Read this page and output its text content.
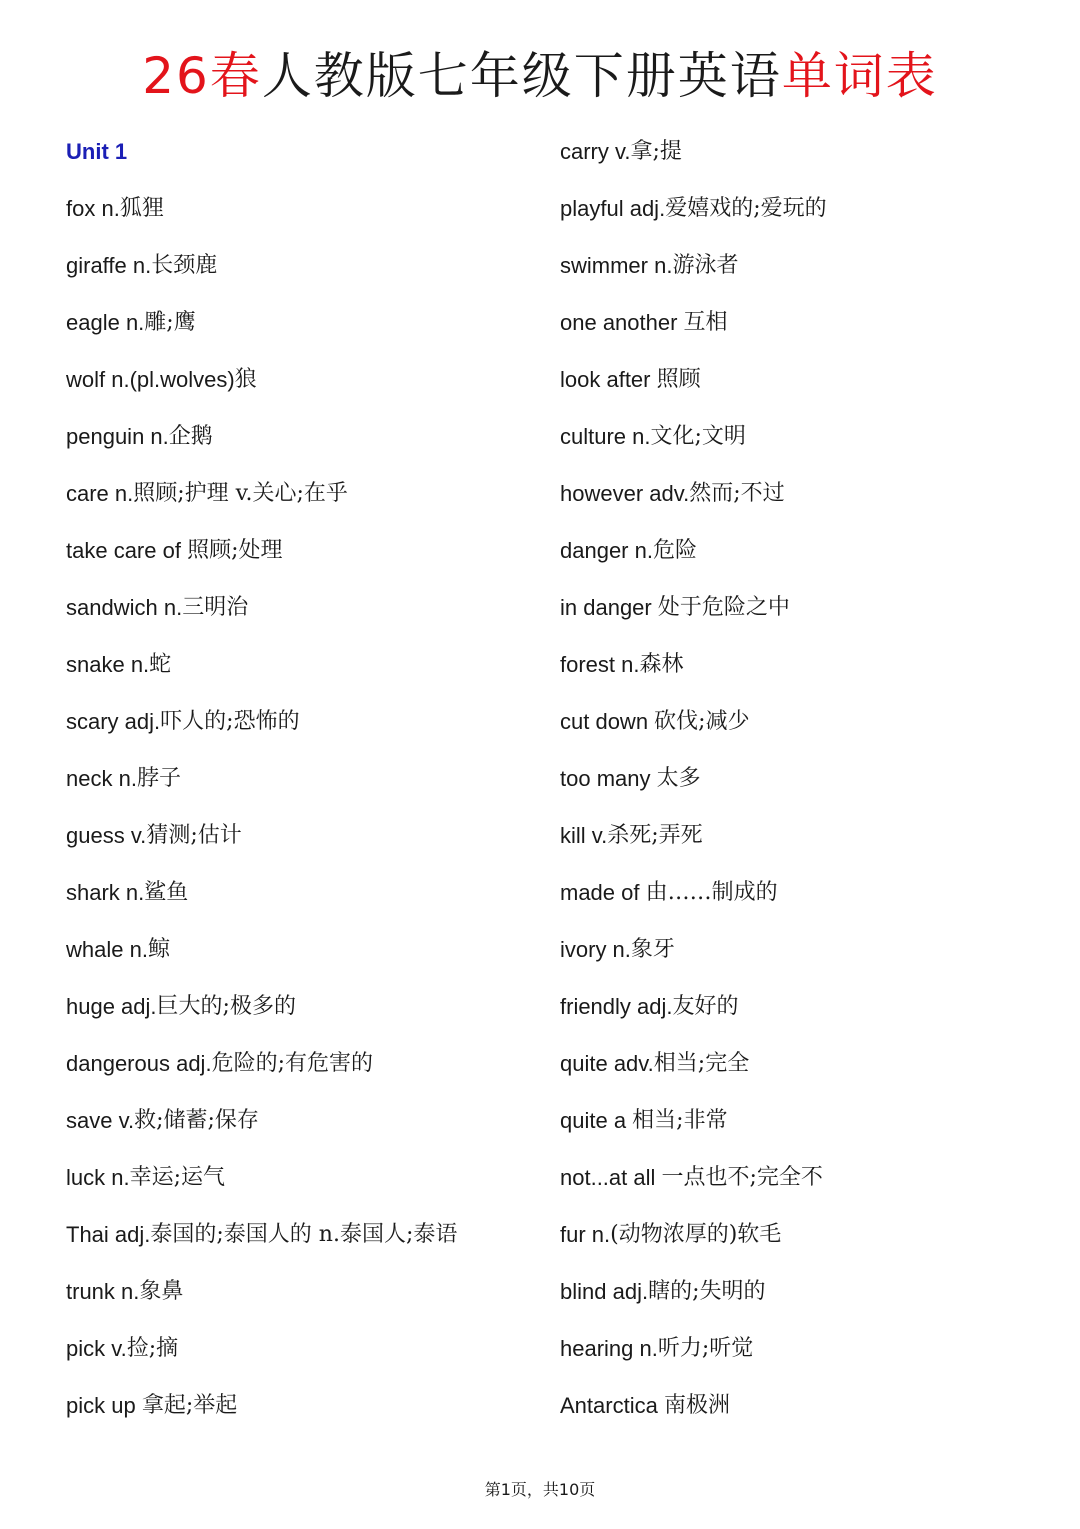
26春人教版七年级下册英语单词表
Unit 1
fox n. 狐狸
giraffe n. 长颈鹿
eagle n. 雕;鹰
wolf n.(pl.wolves) 狼
penguin n. 企鹅
care n. 照顾;护理 v.关心;在乎
take care of 照顾;处理
sandwich n. 三明治
snake n. 蛇
scary adj. 吓人的;恐怖的
neck n. 脖子
guess v. 猜测;估计
shark n. 鲨鱼
whale n. 鲸
huge adj. 巨大的;极多的
dangerous adj. 危险的;有危害的
save v. 救;储蓄;保存
luck n. 幸运;运气
Thai adj. 泰国的;泰国人的 n.泰国人;泰语
trunk n. 象鼻
pick v. 捡;摘
pick up 拿起;举起
carry v. 拿;提
playful adj. 爱嬉戏的;爱玩的
swimmer n. 游泳者
one another 互相
look after 照顾
culture n. 文化;文明
however adv. 然而;不过
danger n. 危险
in danger 处于危险之中
forest n. 森林
cut down 砍伐;减少
too many 太多
kill v. 杀死;弄死
made of 由……制成的
ivory n. 象牙
friendly adj. 友好的
quite adv. 相当;完全
quite a 相当;非常
not...at all 一点也不;完全不
fur n. (动物浓厚的)软毛
blind adj. 瞎的;失明的
hearing n. 听力;听觉
Antarctica 南极洲
第1页，共10页
